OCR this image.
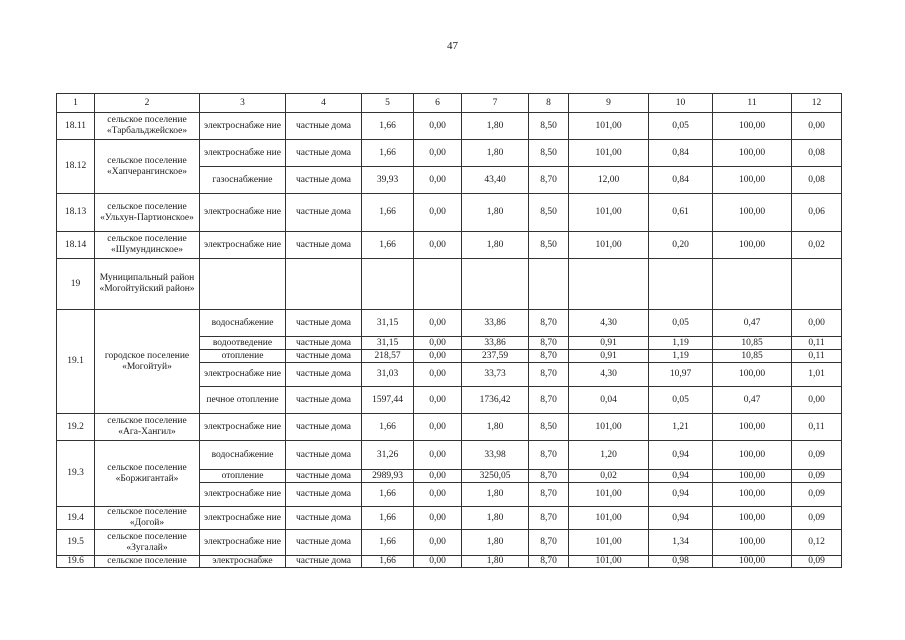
47
1	2	3	4	5	6	7	8	9	10	11	12
18.11	сельское поселение «Тарбальджейское»	электроснабже ние	частные дома	1,66	0,00	1,80	8,50	101,00	0,05	100,00	0,00
18.12	сельское поселение «Хапчерангинское»	электроснабже ние	частные дома	1,66	0,00	1,80	8,50	101,00	0,84	100,00	0,08
		газоснабжение	частные дома	39,93	0,00	43,40	8,70	12,00	0,84	100,00	0,08
18.13	сельское поселение «Ульхун-Партионское»	электроснабже ние	частные дома	1,66	0,00	1,80	8,50	101,00	0,61	100,00	0,06
18.14	сельское поселение «Шумундинское»	электроснабже ние	частные дома	1,66	0,00	1,80	8,50	101,00	0,20	100,00	0,02
19	Муниципальный район «Могойтуйский район»										
19.1	городское поселение «Могойтуй»	водоснабжение	частные дома	31,15	0,00	33,86	8,70	4,30	0,05	0,47	0,00
		водоотведение	частные дома	31,15	0,00	33,86	8,70	0,91	1,19	10,85	0,11
		отопление	частные дома	218,57	0,00	237,59	8,70	0,91	1,19	10,85	0,11
		электроснабже ние	частные дома	31,03	0,00	33,73	8,70	4,30	10,97	100,00	1,01
		печное отопление	частные дома	1597,44	0,00	1736,42	8,70	0,04	0,05	0,47	0,00
19.2	сельское поселение «Ага-Хангил»	электроснабже ние	частные дома	1,66	0,00	1,80	8,50	101,00	1,21	100,00	0,11
19.3	сельское поселение «Боржигантай»	водоснабжение	частные дома	31,26	0,00	33,98	8,70	1,20	0,94	100,00	0,09
		отопление	частные дома	2989,93	0,00	3250,05	8,70	0,02	0,94	100,00	0,09
		электроснабже ние	частные дома	1,66	0,00	1,80	8,70	101,00	0,94	100,00	0,09
19.4	сельское поселение «Догой»	электроснабже ние	частные дома	1,66	0,00	1,80	8,70	101,00	0,94	100,00	0,09
19.5	сельское поселение «Зугалай»	электроснабже ние	частные дома	1,66	0,00	1,80	8,70	101,00	1,34	100,00	0,12
19.6	сельское поселение	электроснабже	частные дома	1,66	0,00	1,80	8,70	101,00	0,98	100,00	0,09
